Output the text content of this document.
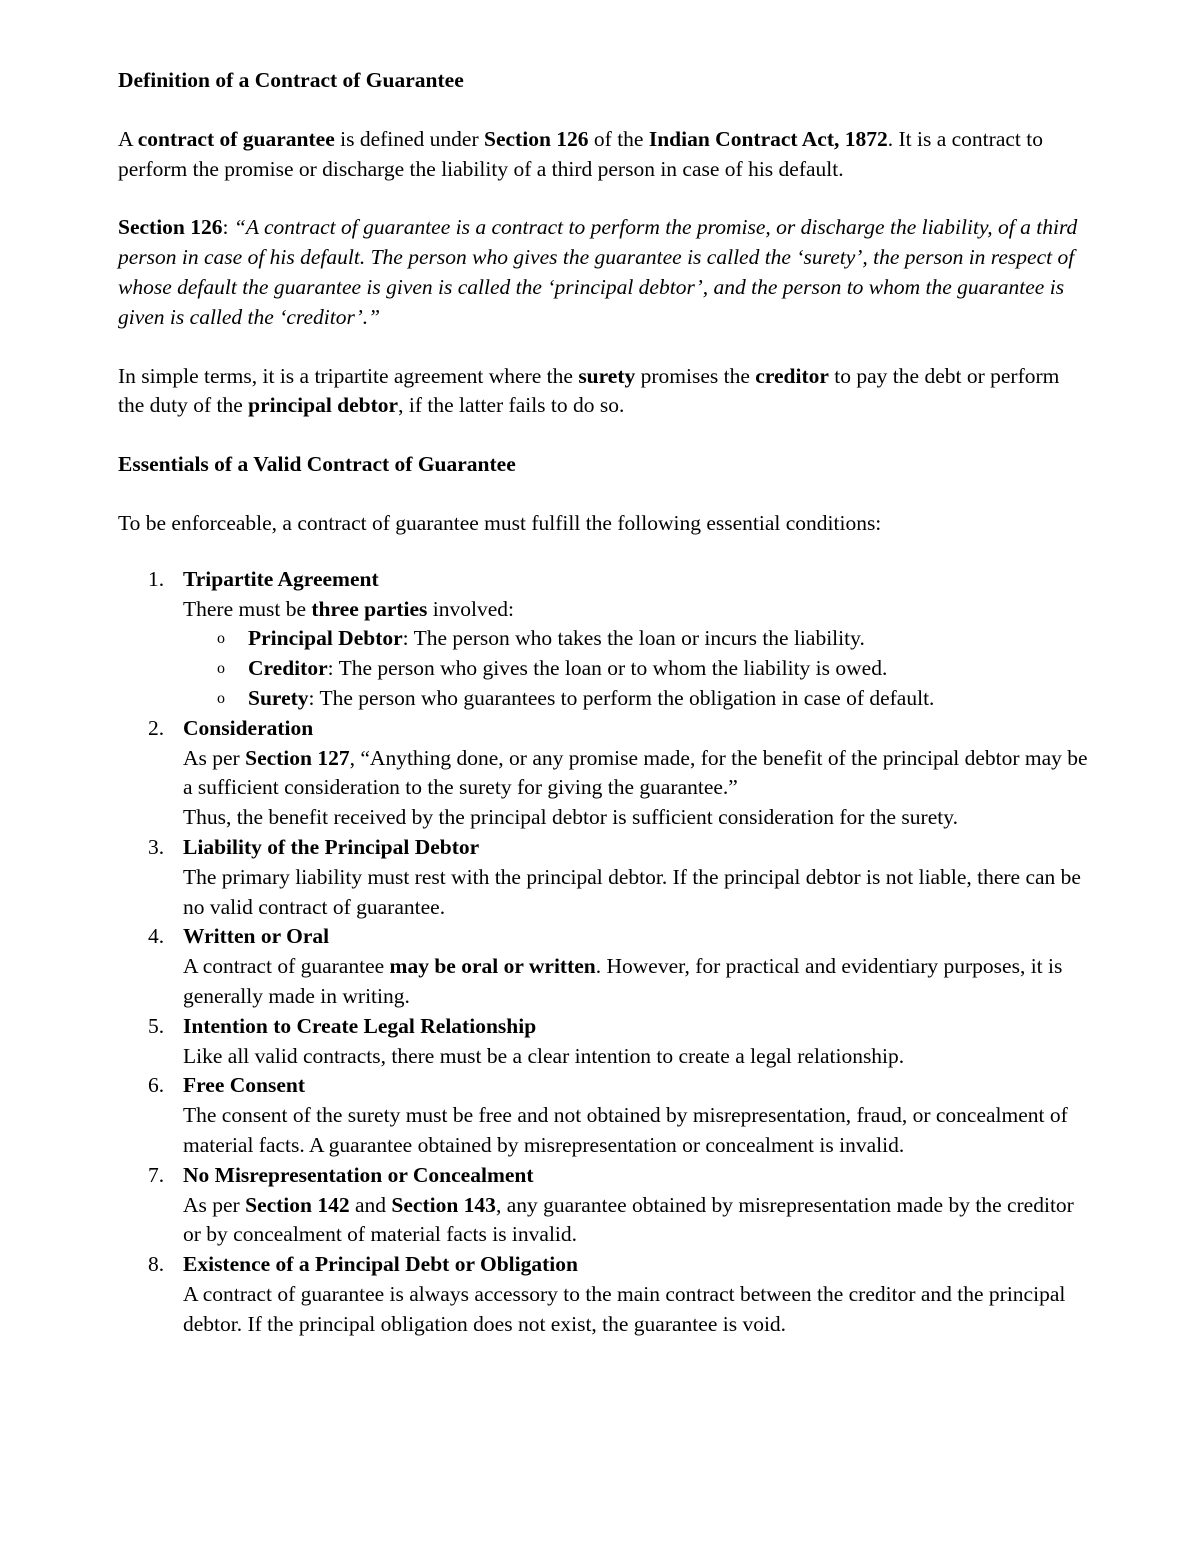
Definition of a Contract of Guarantee

A contract of guarantee is defined under Section 126 of the Indian Contract Act, 1872. It is a contract to perform the promise or discharge the liability of a third person in case of his default.

Section 126: “A contract of guarantee is a contract to perform the promise, or discharge the liability, of a third person in case of his default. The person who gives the guarantee is called the ‘surety’, the person in respect of whose default the guarantee is given is called the ‘principal debtor’, and the person to whom the guarantee is given is called the ‘creditor’.”

In simple terms, it is a tripartite agreement where the surety promises the creditor to pay the debt or perform the duty of the principal debtor, if the latter fails to do so.

Essentials of a Valid Contract of Guarantee

To be enforceable, a contract of guarantee must fulfill the following essential conditions:

1. Tripartite Agreement
There must be three parties involved:
o Principal Debtor: The person who takes the loan or incurs the liability.
o Creditor: The person who gives the loan or to whom the liability is owed.
o Surety: The person who guarantees to perform the obligation in case of default.
2. Consideration
As per Section 127, “Anything done, or any promise made, for the benefit of the principal debtor may be a sufficient consideration to the surety for giving the guarantee.”
Thus, the benefit received by the principal debtor is sufficient consideration for the surety.
3. Liability of the Principal Debtor
The primary liability must rest with the principal debtor. If the principal debtor is not liable, there can be no valid contract of guarantee.
4. Written or Oral
A contract of guarantee may be oral or written. However, for practical and evidentiary purposes, it is generally made in writing.
5. Intention to Create Legal Relationship
Like all valid contracts, there must be a clear intention to create a legal relationship.
6. Free Consent
The consent of the surety must be free and not obtained by misrepresentation, fraud, or concealment of material facts. A guarantee obtained by misrepresentation or concealment is invalid.
7. No Misrepresentation or Concealment
As per Section 142 and Section 143, any guarantee obtained by misrepresentation made by the creditor or by concealment of material facts is invalid.
8. Existence of a Principal Debt or Obligation
A contract of guarantee is always accessory to the main contract between the creditor and the principal debtor. If the principal obligation does not exist, the guarantee is void.
